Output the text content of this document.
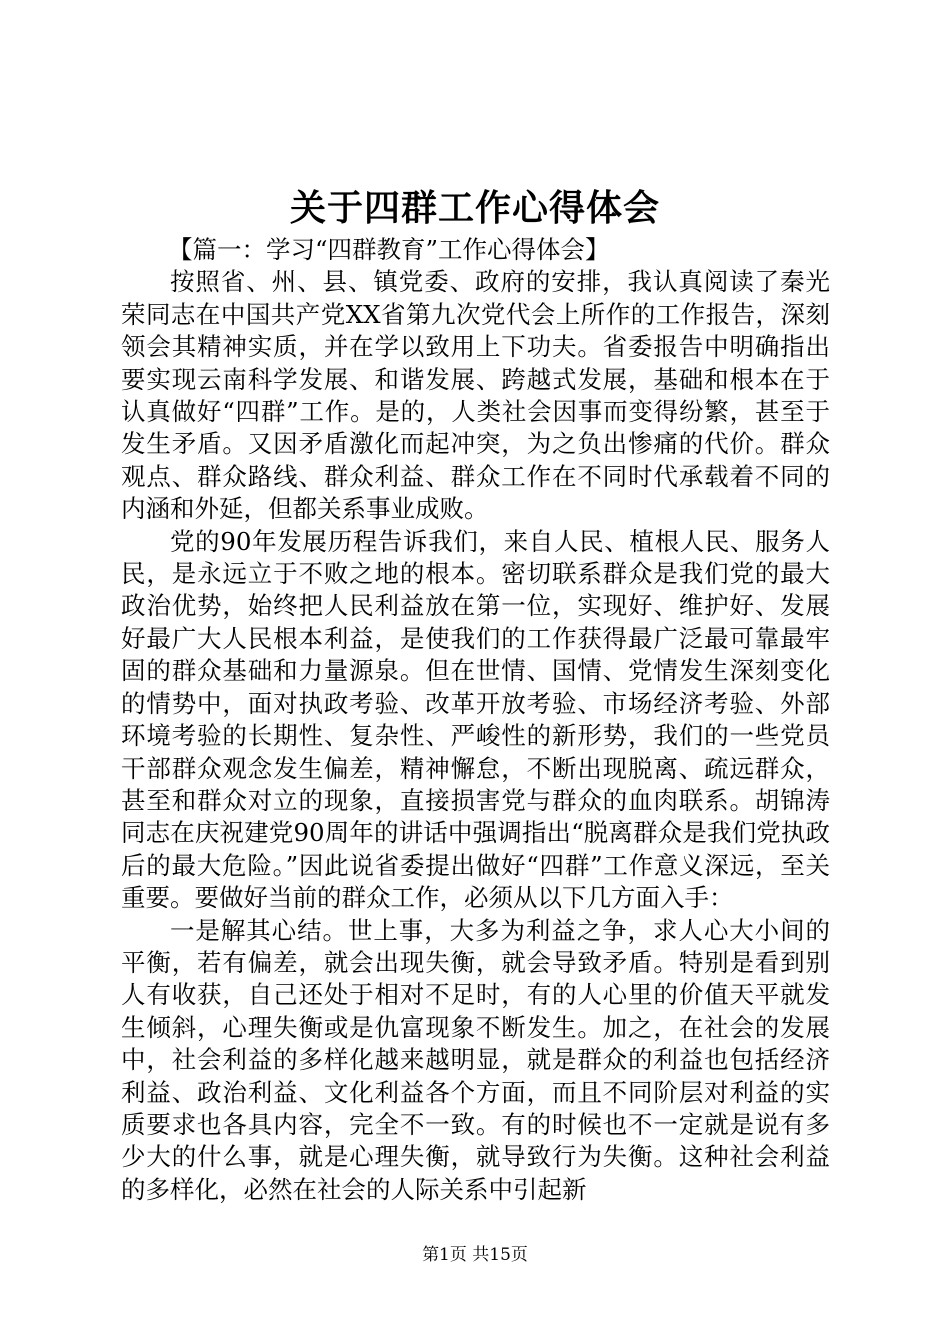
关于四群工作心得体会

【篇一：学习“四群教育”工作心得体会】

按照省、州、县、镇党委、政府的安排，我认真阅读了秦光荣同志在中国共产党XX省第九次党代会上所作的工作报告，深刻领会其精神实质，并在学以致用上下功夫。省委报告中明确指出要实现云南科学发展、和谐发展、跨越式发展，基础和根本在于认真做好“四群”工作。是的，人类社会因事而变得纷繁，甚至于发生矛盾。又因矛盾激化而起冲突，为之负出惨痛的代价。群众观点、群众路线、群众利益、群众工作在不同时代承载着不同的内涵和外延，但都关系事业成败。

党的90年发展历程告诉我们，来自人民、植根人民、服务人民，是永远立于不败之地的根本。密切联系群众是我们党的最大政治优势，始终把人民利益放在第一位，实现好、维护好、发展好最广大人民根本利益，是使我们的工作获得最广泛最可靠最牢固的群众基础和力量源泉。但在世情、国情、党情发生深刻变化的情势中，面对执政考验、改革开放考验、市场经济考验、外部环境考验的长期性、复杂性、严峻性的新形势，我们的一些党员干部群众观念发生偏差，精神懈怠，不断出现脱离、疏远群众，甚至和群众对立的现象，直接损害党与群众的血肉联系。胡锦涛同志在庆祝建党90周年的讲话中强调指出“脱离群众是我们党执政后的最大危险。”因此说省委提出做好“四群”工作意义深远，至关重要。要做好当前的群众工作，必须从以下几方面入手：

一是解其心结。世上事，大多为利益之争，求人心大小间的平衡，若有偏差，就会出现失衡，就会导致矛盾。特别是看到别人有收获，自己还处于相对不足时，有的人心里的价值天平就发生倾斜，心理失衡或是仇富现象不断发生。加之，在社会的发展中，社会利益的多样化越来越明显，就是群众的利益也包括经济利益、政治利益、文化利益各个方面，而且不同阶层对利益的实质要求也各具内容，完全不一致。有的时候也不一定就是说有多少大的什么事，就是心理失衡，就导致行为失衡。这种社会利益的多样化，必然在社会的人际关系中引起新

第1页 共15页
